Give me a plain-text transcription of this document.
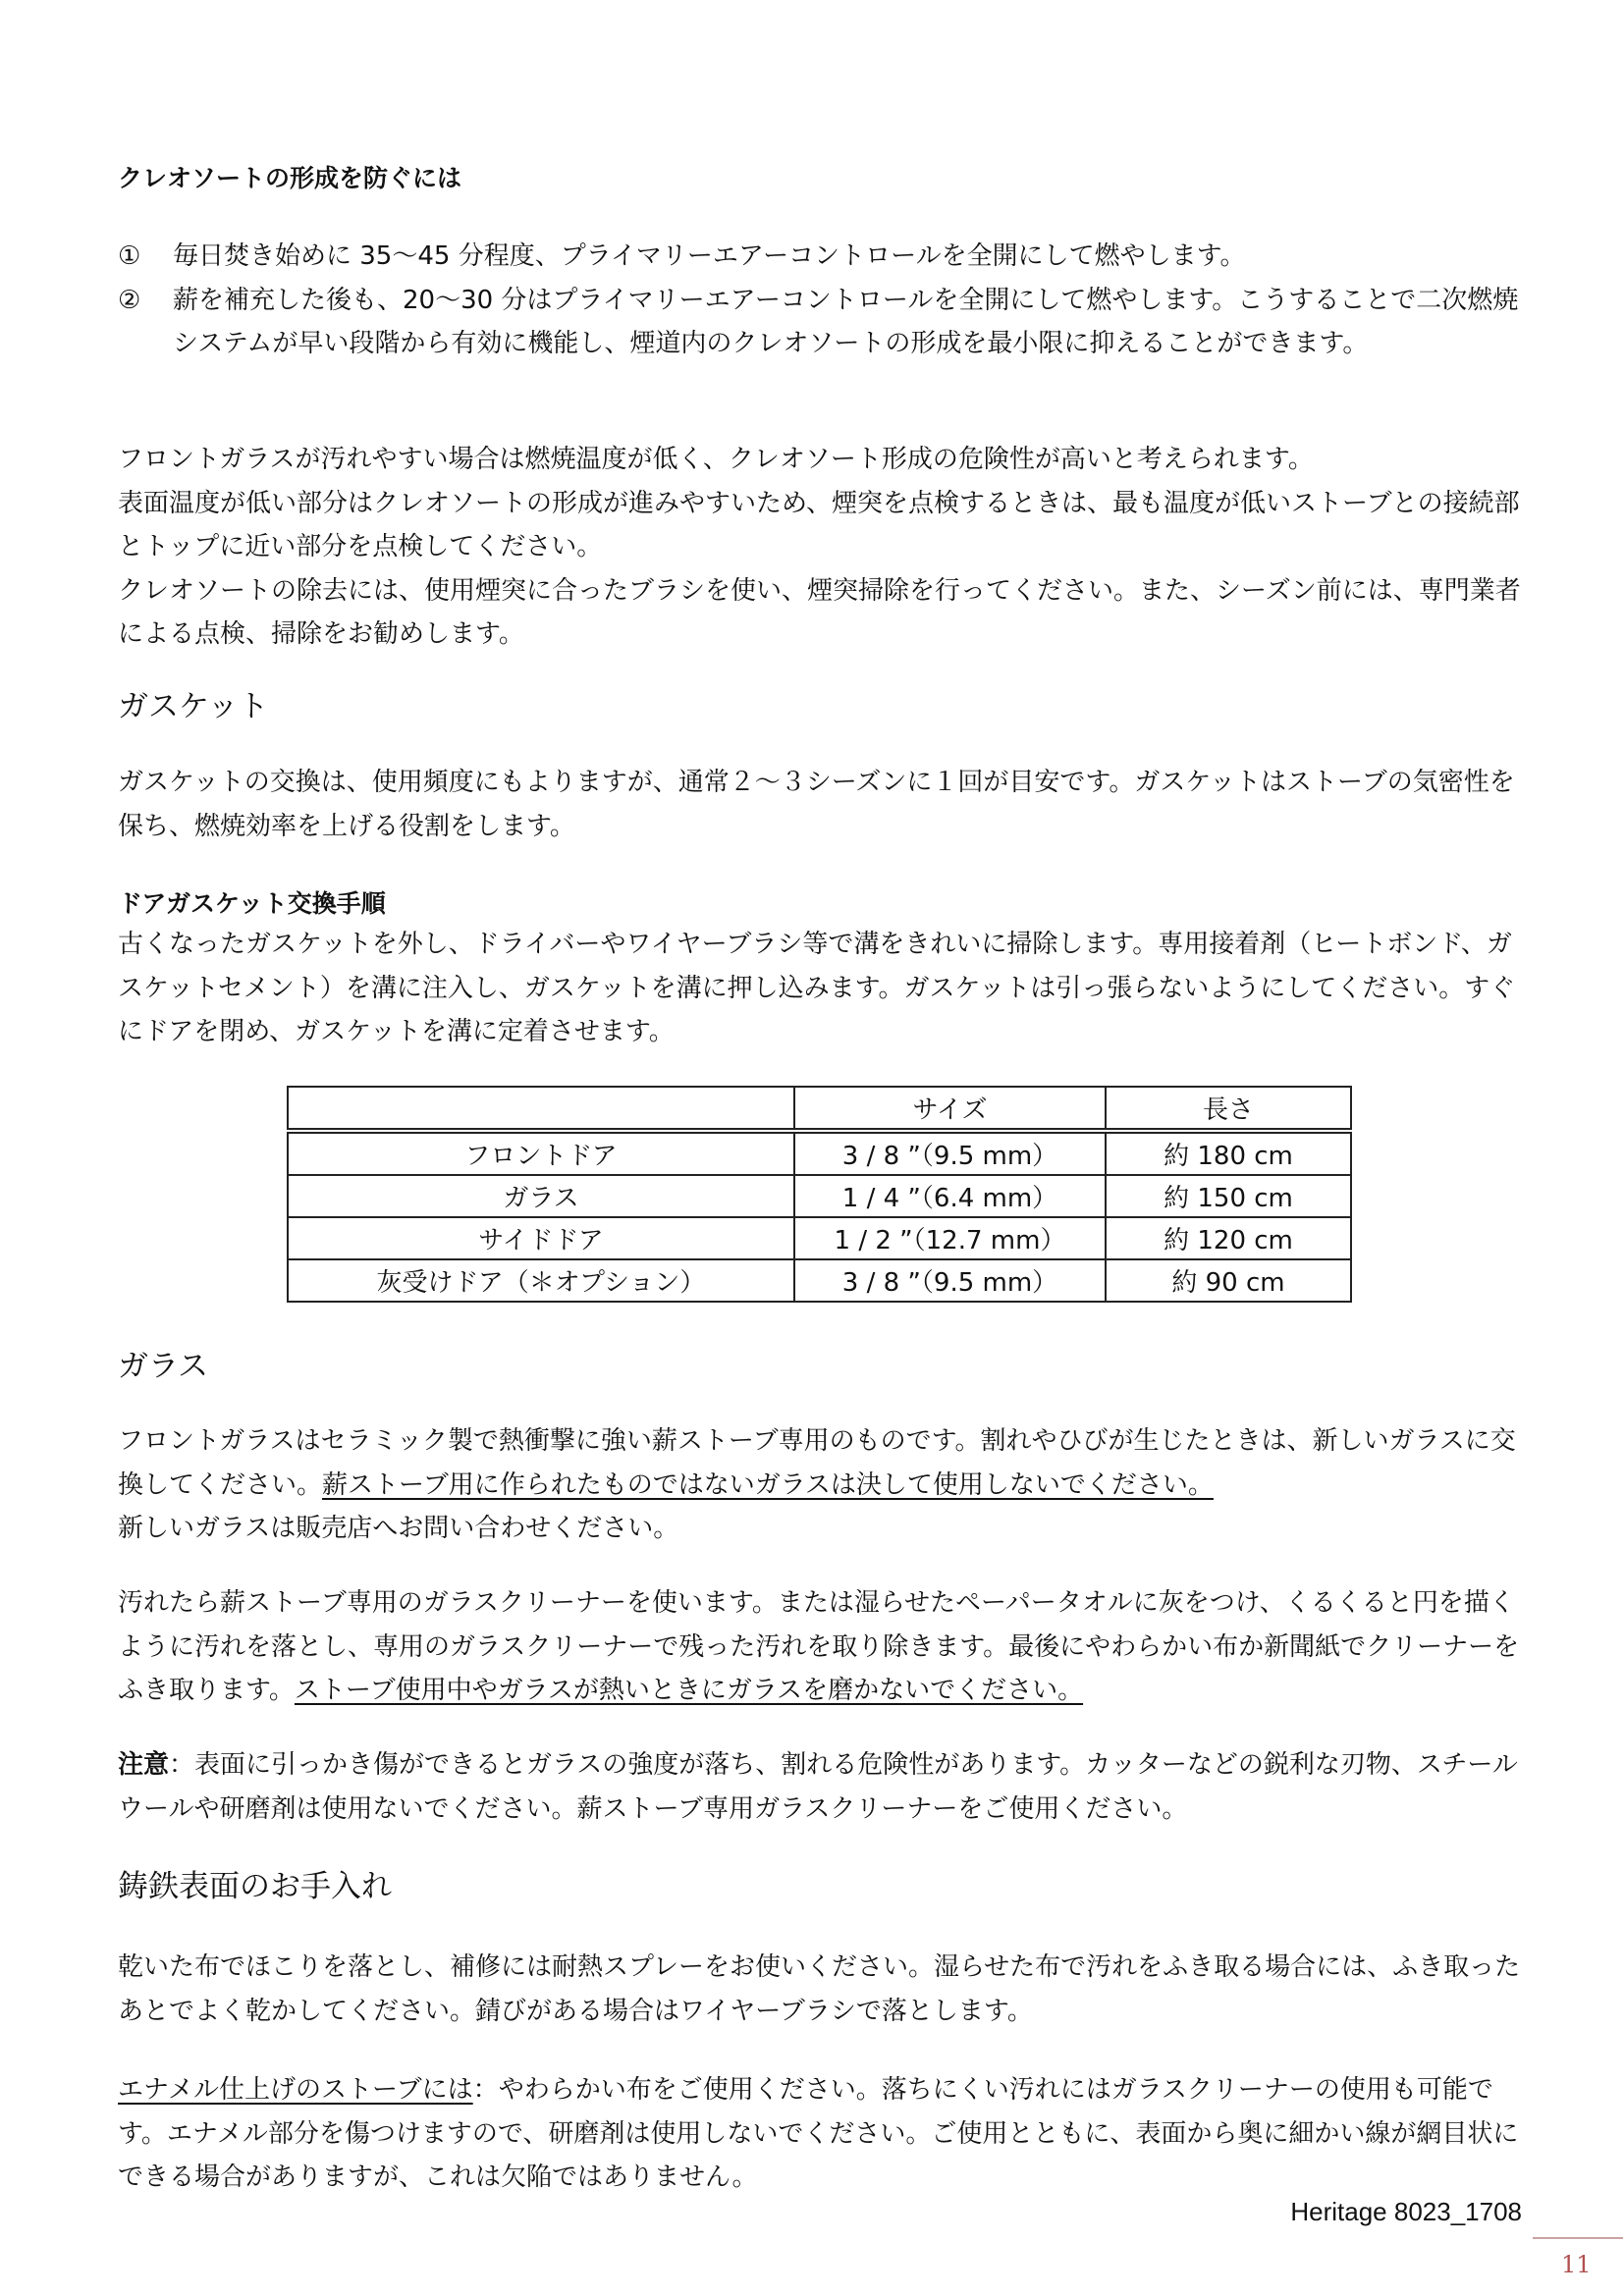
クレオソートの形成を防ぐには

① 毎日焚き始めに 35〜45 分程度、プライマリーエアーコントロールを全開にして燃やします。
② 薪を補充した後も、20〜30 分はプライマリーエアーコントロールを全開にして燃やします。こうすることで二次燃焼システムが早い段階から有効に機能し、煙道内のクレオソートの形成を最小限に抑えることができます。

フロントガラスが汚れやすい場合は燃焼温度が低く、クレオソート形成の危険性が高いと考えられます。

表面温度が低い部分はクレオソートの形成が進みやすいため、煙突を点検するときは、最も温度が低いストーブとの接続部とトップに近い部分を点検してください。

クレオソートの除去には、使用煙突に合ったブラシを使い、煙突掃除を行ってください。また、シーズン前には、専門業者による点検、掃除をお勧めします。

ガスケット

ガスケットの交換は、使用頻度にもよりますが、通常２〜３シーズンに１回が目安です。ガスケットはストーブの気密性を保ち、燃焼効率を上げる役割をします。

ドアガスケット交換手順

古くなったガスケットを外し、ドライバーやワイヤーブラシ等で溝をきれいに掃除します。専用接着剤（ヒートボンド、ガスケットセメント）を溝に注入し、ガスケットを溝に押し込みます。ガスケットは引っ張らないようにしてください。すぐにドアを閉め、ガスケットを溝に定着させます。

ガラス

フロントガラスはセラミック製で熱衝撃に強い薪ストーブ専用のものです。割れやひびが生じたときは、新しいガラスに交換してください。薪ストーブ用に作られたものではないガラスは決して使用しないでください。
新しいガラスは販売店へお問い合わせください。

汚れたら薪ストーブ専用のガラスクリーナーを使います。または湿らせたペーパータオルに灰をつけ、くるくると円を描くように汚れを落とし、専用のガラスクリーナーで残った汚れを取り除きます。最後にやわらかい布か新聞紙でクリーナーをふき取ります。ストーブ使用中やガラスが熱いときにガラスを磨かないでください。

注意：表面に引っかき傷ができるとガラスの強度が落ち、割れる危険性があります。カッターなどの鋭利な刃物、スチールウールや研磨剤は使用ないでください。薪ストーブ専用ガラスクリーナーをご使用ください。

鋳鉄表面のお手入れ

乾いた布でほこりを落とし、補修には耐熱スプレーをお使いください。湿らせた布で汚れをふき取る場合には、ふき取ったあとでよく乾かしてください。錆びがある場合はワイヤーブラシで落とします。

エナメル仕上げのストーブには：やわらかい布をご使用ください。落ちにくい汚れにはガラスクリーナーの使用も可能です。エナメル部分を傷つけますので、研磨剤は使用しないでください。ご使用とともに、表面から奥に細かい線が網目状にできる場合がありますが、これは欠陥ではありません。

	サイズ	長さ
フロントドア	3 / 8 ”（9.5 mm）	約 180 cm
ガラス	1 / 4 ”（6.4 mm）	約 150 cm
サイドドア	1 / 2 ”（12.7 mm）	約 120 cm
灰受けドア（＊オプション）	3 / 8 ”（9.5 mm）	約 90 cm
Heritage 8023_1708
11
